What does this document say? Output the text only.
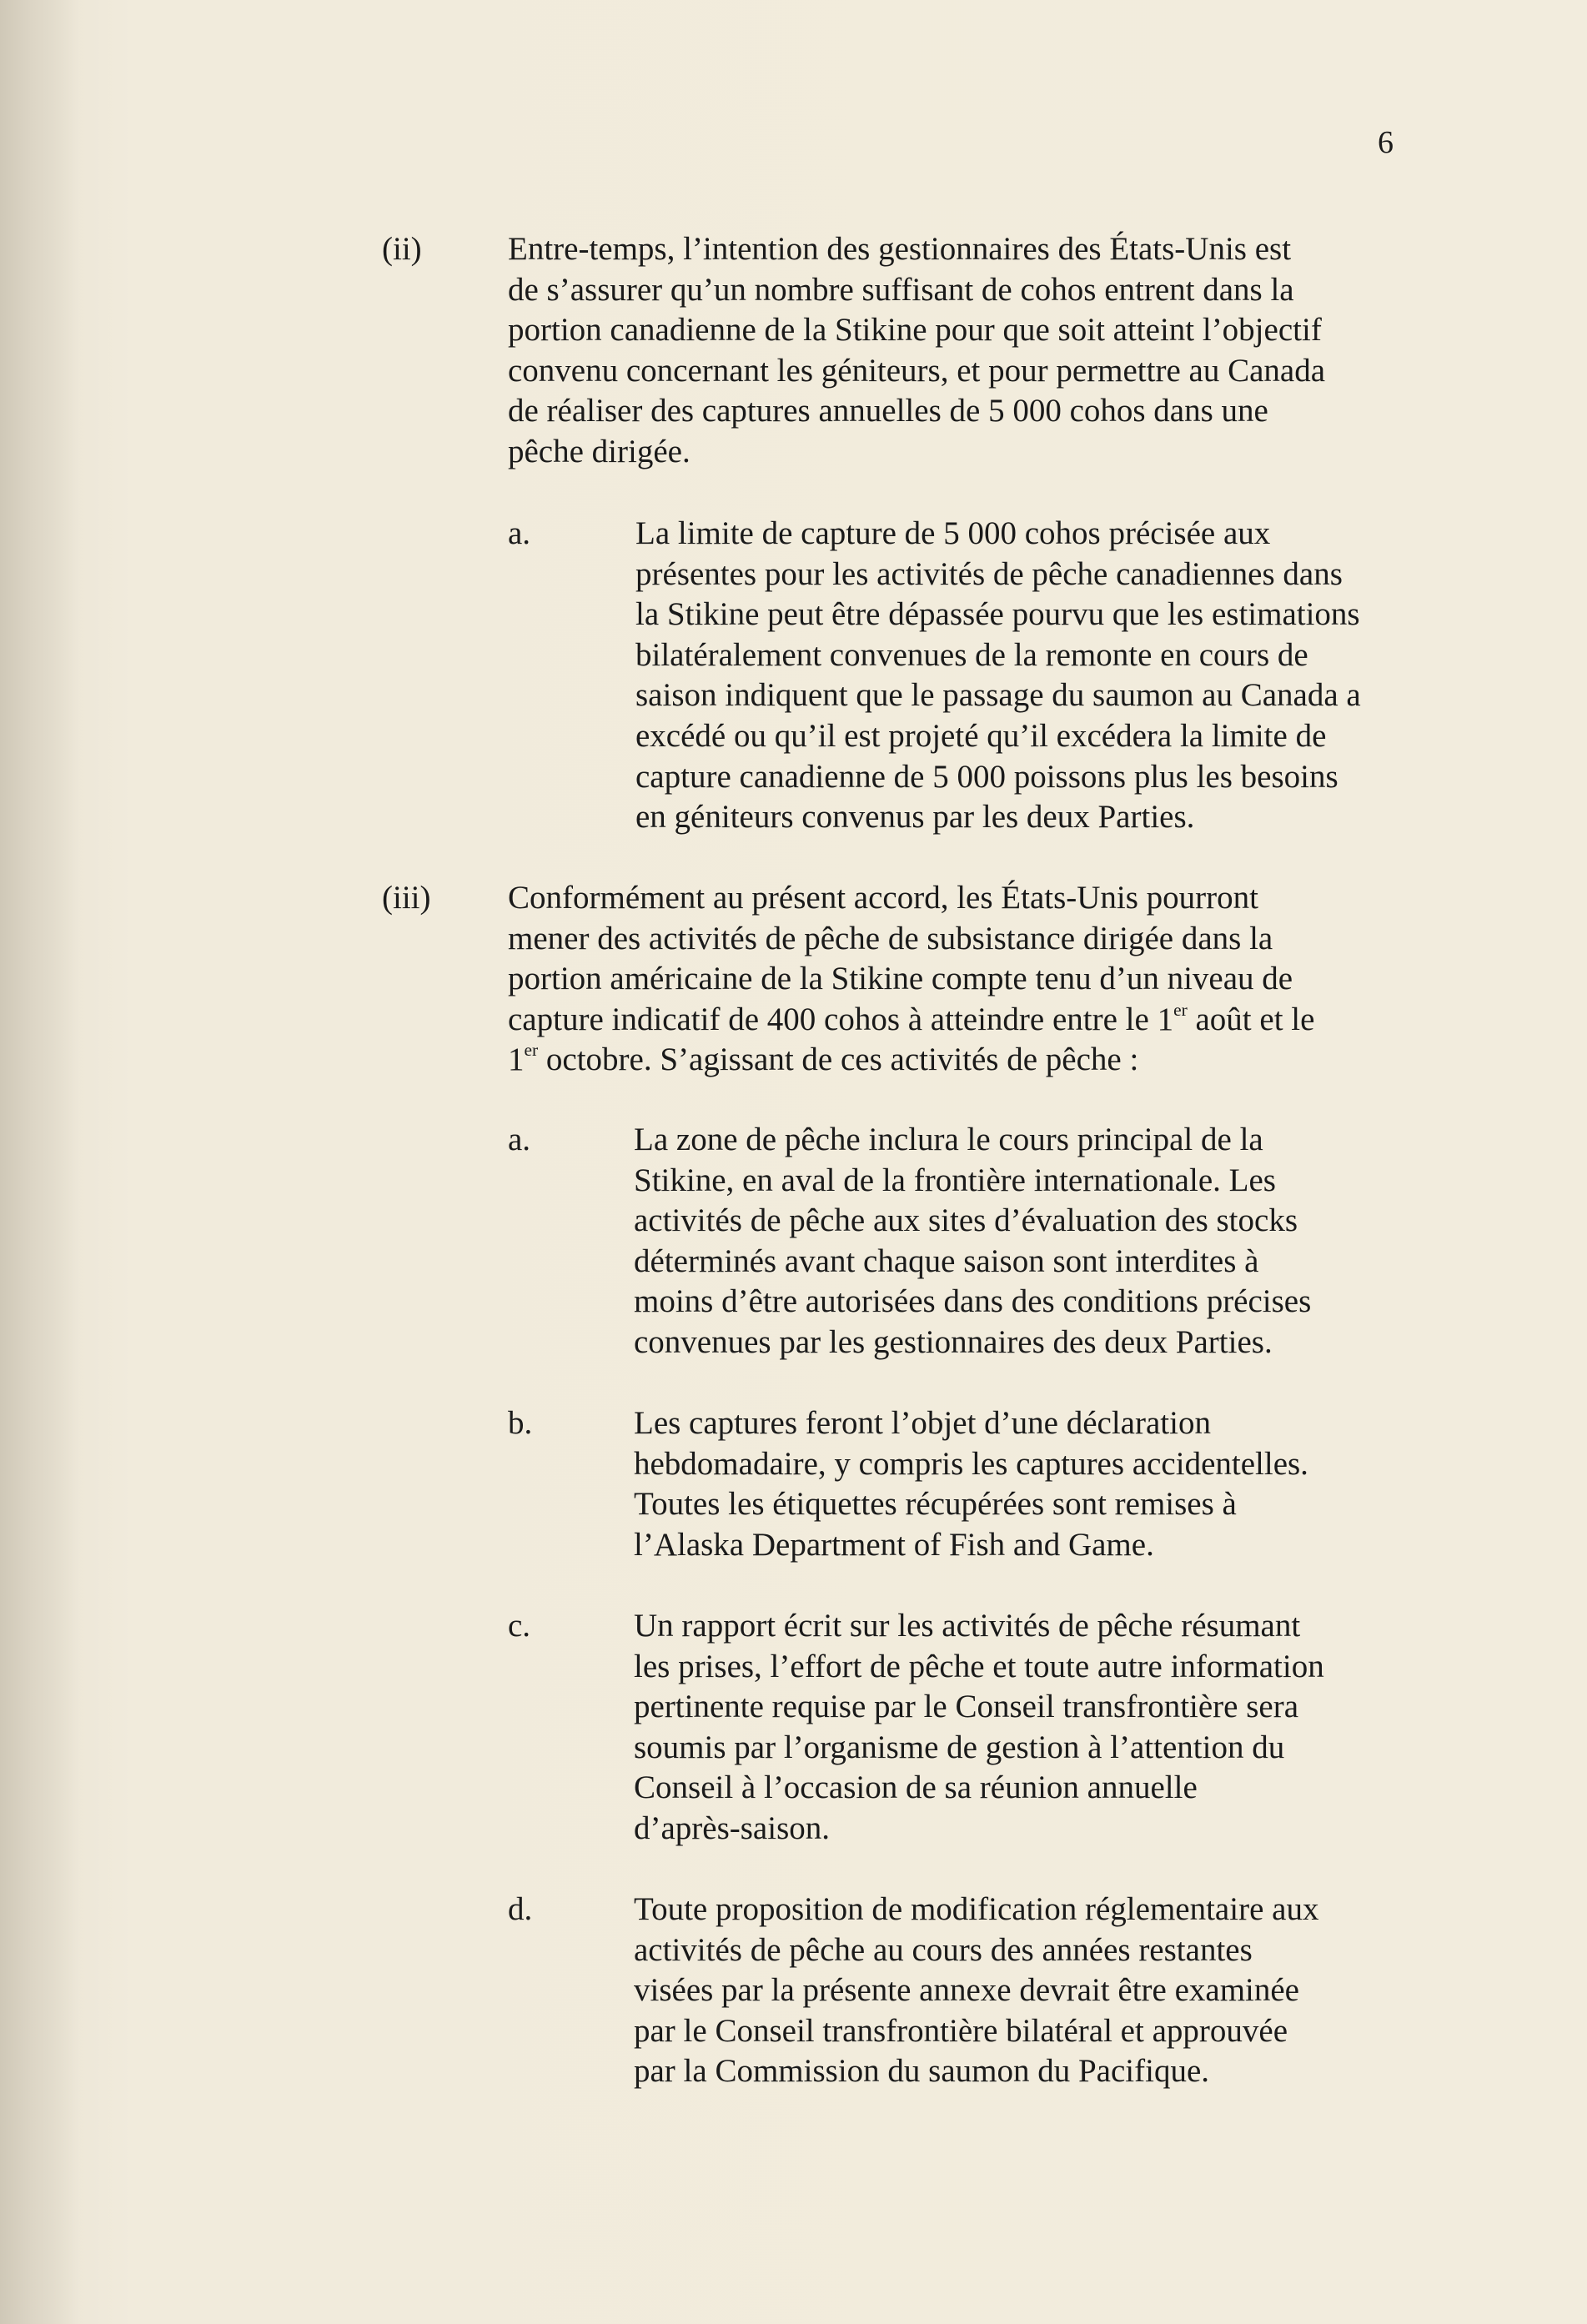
6
(ii)	Entre-temps, l’intention des gestionnaires des États-Unis est
de s’assurer qu’un nombre suffisant de cohos entrent dans la
portion canadienne de la Stikine pour que soit atteint l’objectif
convenu concernant les géniteurs, et pour permettre au Canada
de réaliser des captures annuelles de 5 000 cohos dans une
pêche dirigée.
a.	La limite de capture de 5 000 cohos précisée aux
présentes pour les activités de pêche canadiennes dans
la Stikine peut être dépassée pourvu que les estimations
bilatéralement convenues de la remonte en cours de
saison indiquent que le passage du saumon au Canada a
excédé ou qu’il est projeté qu’il excédera la limite de
capture canadienne de 5 000 poissons plus les besoins
en géniteurs convenus par les deux Parties.
(iii) Conformément au présent accord, les États-Unis pourront
mener des activités de pêche de subsistance dirigée dans la
portion américaine de la Stikine compte tenu d’un niveau de
capture indicatif de 400 cohos à atteindre entre le 1er août et le
1er octobre. S’agissant de ces activités de pêche :
a.	La zone de pêche inclura le cours principal de la
Stikine, en aval de la frontière internationale. Les
activités de pêche aux sites d’évaluation des stocks
déterminés avant chaque saison sont interdites à
moins d’être autorisées dans des conditions précises
convenues par les gestionnaires des deux Parties.
b.	Les captures feront l’objet d’une déclaration
hebdomadaire, y compris les captures accidentelles.
Toutes les étiquettes récupérées sont remises à
l’Alaska Department of Fish and Game.
c.	Un rapport écrit sur les activités de pêche résumant
les prises, l’effort de pêche et toute autre information
pertinente requise par le Conseil transfrontière sera
soumis par l’organisme de gestion à l’attention du
Conseil à l’occasion de sa réunion annuelle
d’après-saison.
d.	Toute proposition de modification réglementaire aux
activités de pêche au cours des années restantes
visées par la présente annexe devrait être examinée
par le Conseil transfrontière bilatéral et approuvée
par la Commission du saumon du Pacifique.
